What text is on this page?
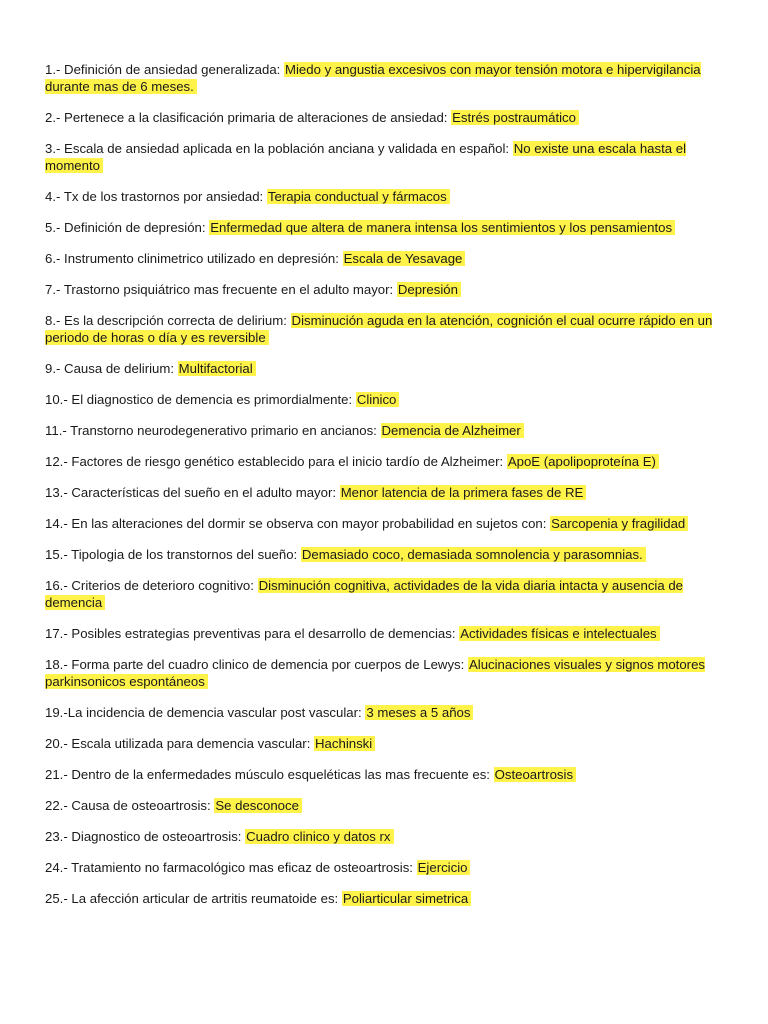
1.- Definición de ansiedad generalizada: Miedo y angustia excesivos con mayor tensión motora e hipervigilancia durante mas de 6 meses.
2.- Pertenece a la clasificación primaria de alteraciones de ansiedad: Estrés postraumático
3.- Escala de ansiedad aplicada en la población anciana y validada en español: No existe una escala hasta el momento
4.- Tx de los trastornos por ansiedad: Terapia conductual y fármacos
5.- Definición de depresión: Enfermedad que altera de manera intensa los sentimientos y los pensamientos
6.- Instrumento clinimetrico utilizado en depresión: Escala de Yesavage
7.- Trastorno psiquiátrico mas frecuente en el adulto mayor: Depresión
8.- Es la descripción correcta de delirium: Disminución aguda en la atención, cognición el cual ocurre rápido en un periodo de horas o día y es reversible
9.- Causa de delirium: Multifactorial
10.- El diagnostico de demencia es primordialmente: Clinico
11.- Transtorno neurodegenerativo primario en ancianos: Demencia de Alzheimer
12.- Factores de riesgo genético establecido para el inicio tardío de Alzheimer: ApoE (apolipoproteína E)
13.- Características del sueño en el adulto mayor: Menor latencia de la primera fases de RE
14.- En las alteraciones del dormir se observa con mayor probabilidad en sujetos con: Sarcopenia y fragilidad
15.- Tipologia de los transtornos del sueño: Demasiado coco, demasiada somnolencia y parasomnias.
16.- Criterios de deterioro cognitivo: Disminución cognitiva, actividades de la vida diaria intacta y ausencia de demencia
17.- Posibles estrategias preventivas para el desarrollo de demencias: Actividades físicas e intelectuales
18.- Forma parte del cuadro clinico de demencia por cuerpos de Lewys: Alucinaciones visuales y signos motores parkinsonicos espontáneos
19.-La incidencia de demencia vascular post vascular: 3 meses a 5 años
20.- Escala utilizada para demencia vascular: Hachinski
21.- Dentro de la enfermedades músculo esqueléticas las mas frecuente es: Osteoartrosis
22.- Causa de osteoartrosis: Se desconoce
23.- Diagnostico de osteoartrosis: Cuadro clinico y datos rx
24.- Tratamiento no farmacológico mas eficaz de osteoartrosis: Ejercicio
25.- La afección articular de artritis reumatoide es: Poliarticular simetrica
